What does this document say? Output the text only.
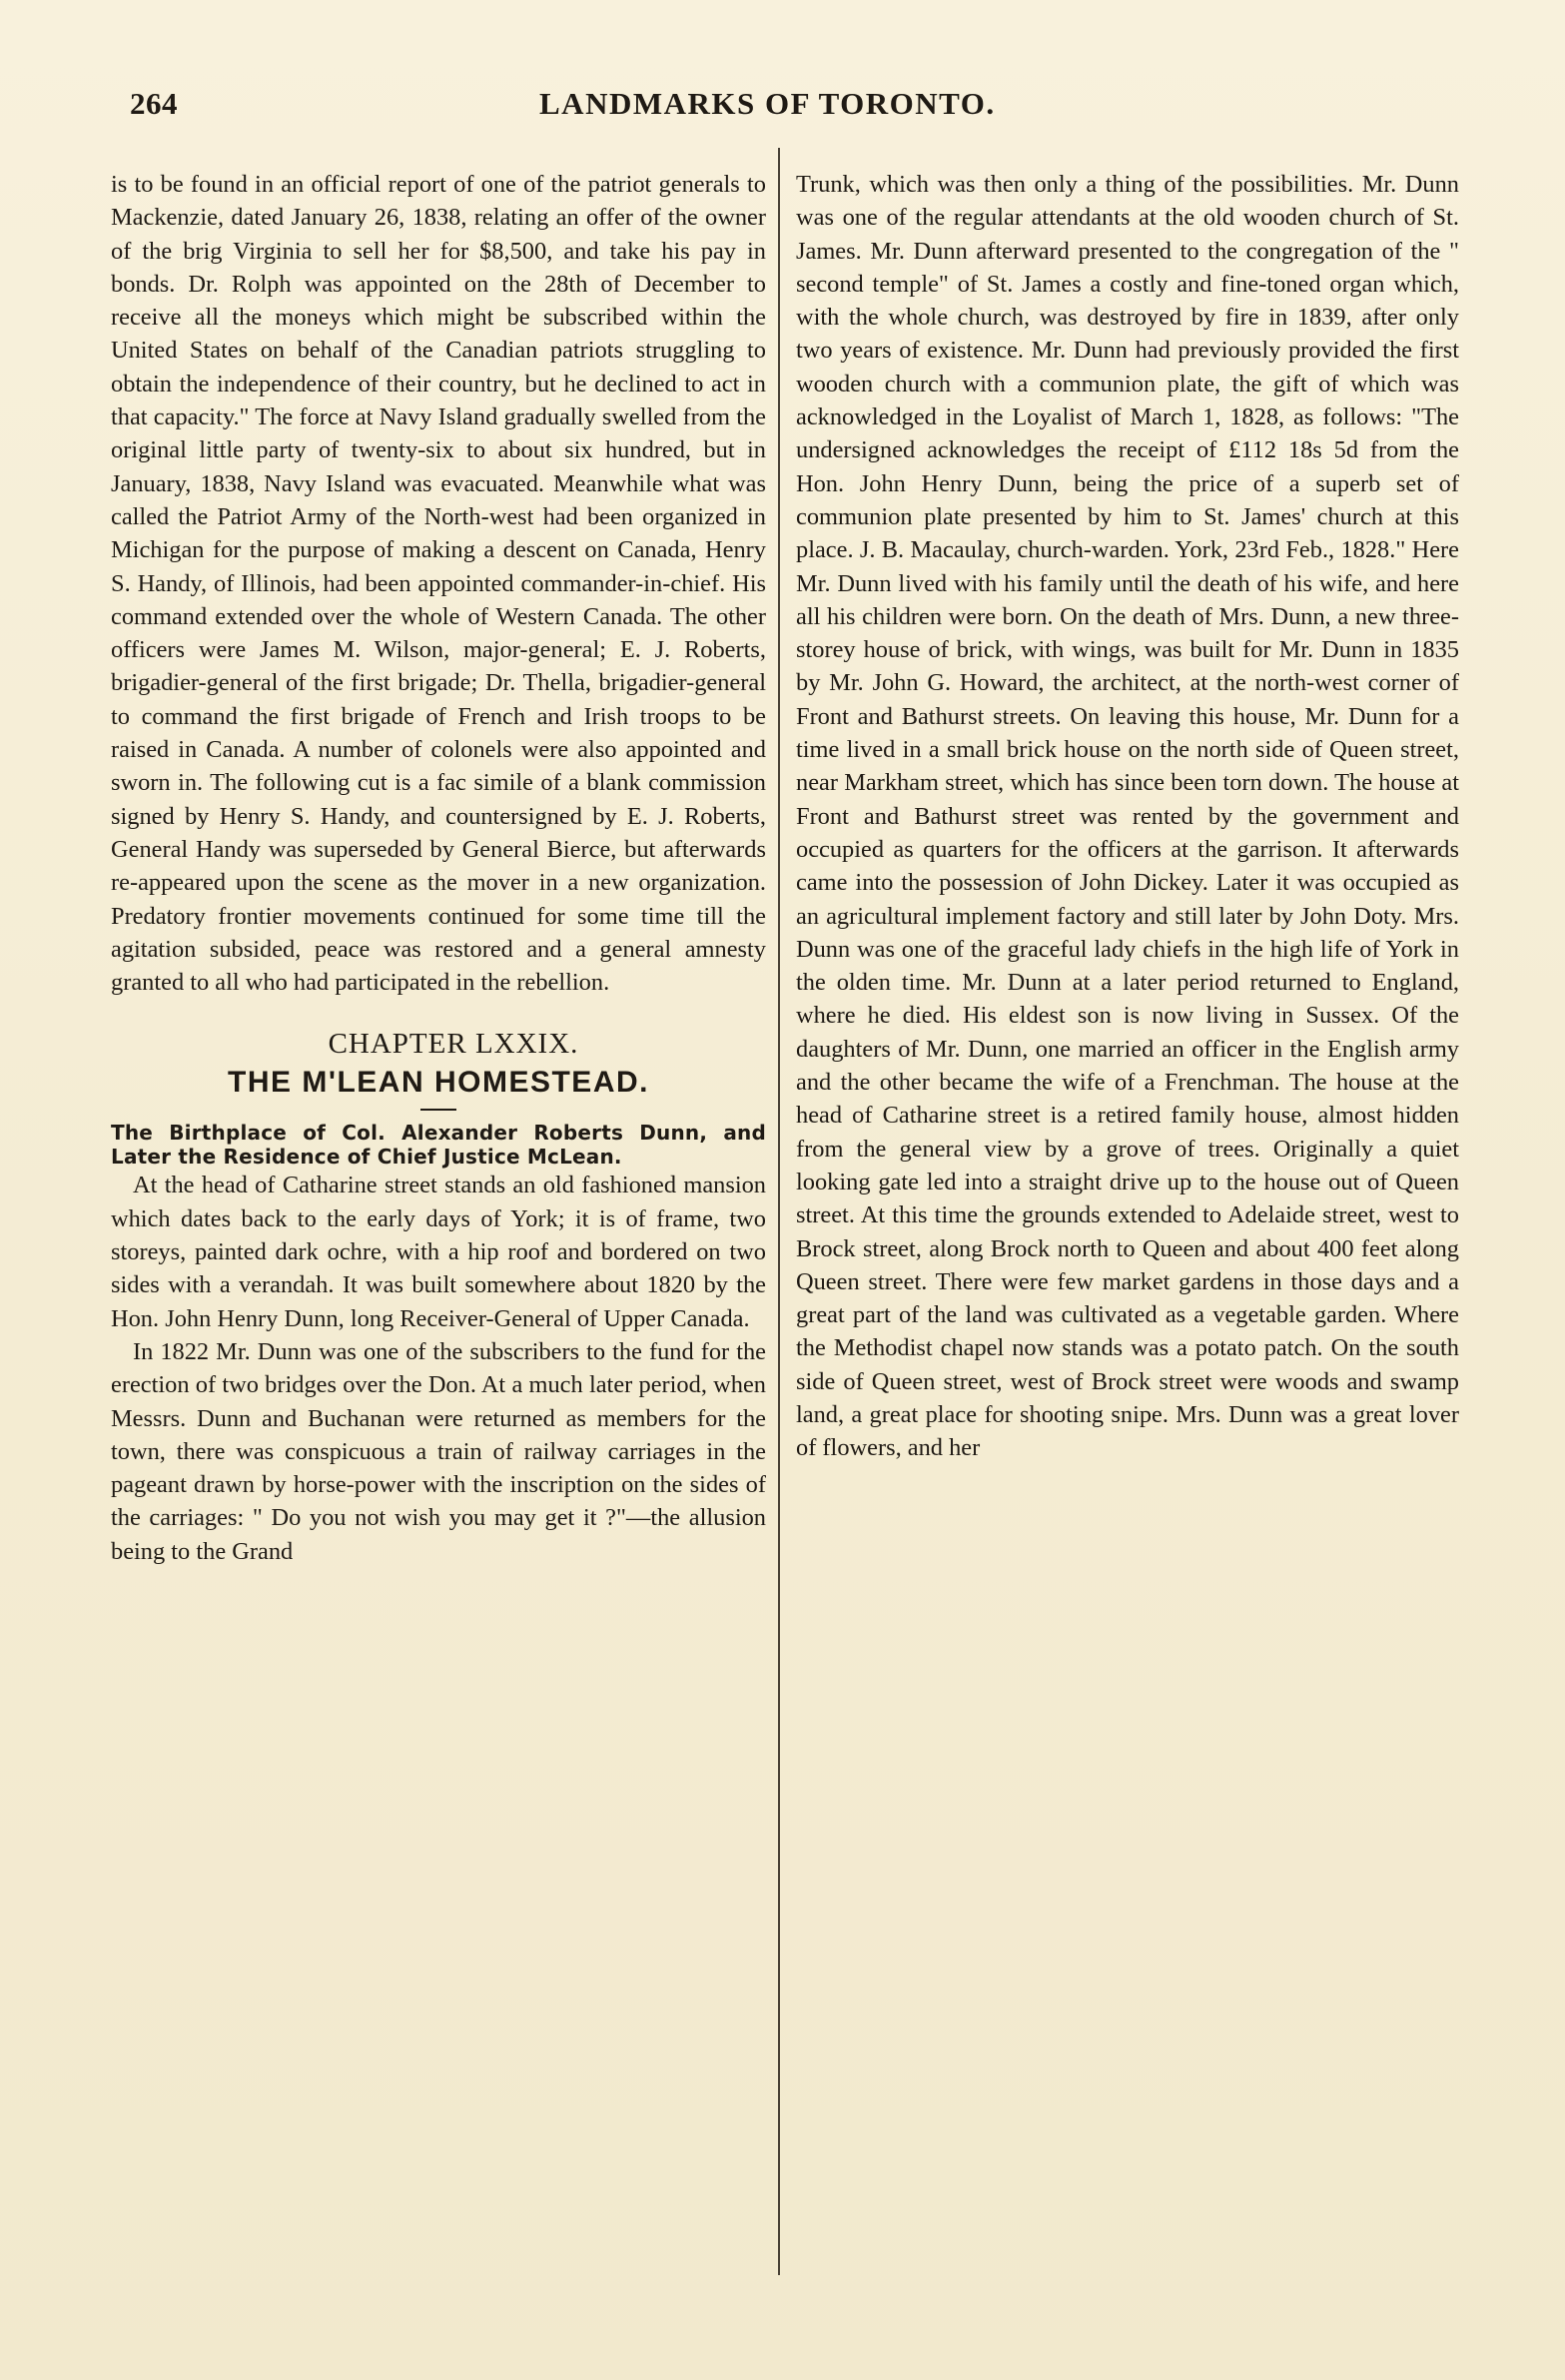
264	LANDMARKS OF TORONTO.

is to be found in an official report of one of the patriot generals to Mackenzie, dated January 26, 1838, relating an offer of the owner of the brig Virginia to sell her for $8,500, and take his pay in bonds. Dr. Rolph was appointed on the 28th of December to receive all the moneys which might be subscribed within the United States on behalf of the Canadian patriots struggling to obtain the independence of their country, but he declined to act in that capacity." The force at Navy Island gradually swelled from the original little party of twenty-six to about six hundred, but in January, 1838, Navy Island was evacuated. Meanwhile what was called the Patriot Army of the North-west had been organized in Michigan for the purpose of making a descent on Canada, Henry S. Handy, of Illinois, had been appointed commander-in-chief. His command extended over the whole of Western Canada. The other officers were James M. Wilson, major-general; E. J. Roberts, brigadier-general of the first brigade; Dr. Thella, brigadier-general to command the first brigade of French and Irish troops to be raised in Canada. A number of colonels were also appointed and sworn in. The following cut is a fac simile of a blank commission signed by Henry S. Handy, and countersigned by E. J. Roberts, General Handy was superseded by General Bierce, but afterwards re-appeared upon the scene as the mover in a new organization. Predatory frontier movements continued for some time till the agitation subsided, peace was restored and a general amnesty granted to all who had participated in the rebellion.

CHAPTER LXXIX.
THE M'LEAN HOMESTEAD.

The Birthplace of Col. Alexander Roberts Dunn, and Later the Residence of Chief Justice McLean.

At the head of Catharine street stands an old fashioned mansion which dates back to the early days of York; it is of frame, two storeys, painted dark ochre, with a hip roof and bordered on two sides with a verandah. It was built somewhere about 1820 by the Hon. John Henry Dunn, long Receiver-General of Upper Canada.

In 1822 Mr. Dunn was one of the subscribers to the fund for the erection of two bridges over the Don. At a much later period, when Messrs. Dunn and Buchanan were returned as members for the town, there was conspicuous a train of railway carriages in the pageant drawn by horse-power with the inscription on the sides of the carriages: " Do you not wish you may get it ?"—the allusion being to the Grand

Trunk, which was then only a thing of the possibilities. Mr. Dunn was one of the regular attendants at the old wooden church of St. James. Mr. Dunn afterward presented to the congregation of the " second temple" of St. James a costly and fine-toned organ which, with the whole church, was destroyed by fire in 1839, after only two years of existence. Mr. Dunn had previously provided the first wooden church with a communion plate, the gift of which was acknowledged in the Loyalist of March 1, 1828, as follows: "The undersigned acknowledges the receipt of £112 18s 5d from the Hon. John Henry Dunn, being the price of a superb set of communion plate presented by him to St. James' church at this place. J. B. Macaulay, church-warden. York, 23rd Feb., 1828." Here Mr. Dunn lived with his family until the death of his wife, and here all his children were born. On the death of Mrs. Dunn, a new three-storey house of brick, with wings, was built for Mr. Dunn in 1835 by Mr. John G. Howard, the architect, at the north-west corner of Front and Bathurst streets. On leaving this house, Mr. Dunn for a time lived in a small brick house on the north side of Queen street, near Markham street, which has since been torn down. The house at Front and Bathurst street was rented by the government and occupied as quarters for the officers at the garrison. It afterwards came into the possession of John Dickey. Later it was occupied as an agricultural implement factory and still later by John Doty. Mrs. Dunn was one of the graceful lady chiefs in the high life of York in the olden time. Mr. Dunn at a later period returned to England, where he died. His eldest son is now living in Sussex. Of the daughters of Mr. Dunn, one married an officer in the English army and the other became the wife of a Frenchman. The house at the head of Catharine street is a retired family house, almost hidden from the general view by a grove of trees. Originally a quiet looking gate led into a straight drive up to the house out of Queen street. At this time the grounds extended to Adelaide street, west to Brock street, along Brock north to Queen and about 400 feet along Queen street. There were few market gardens in those days and a great part of the land was cultivated as a vegetable garden. Where the Methodist chapel now stands was a potato patch. On the south side of Queen street, west of Brock street were woods and swamp land, a great place for shooting snipe. Mrs. Dunn was a great lover of flowers, and her
